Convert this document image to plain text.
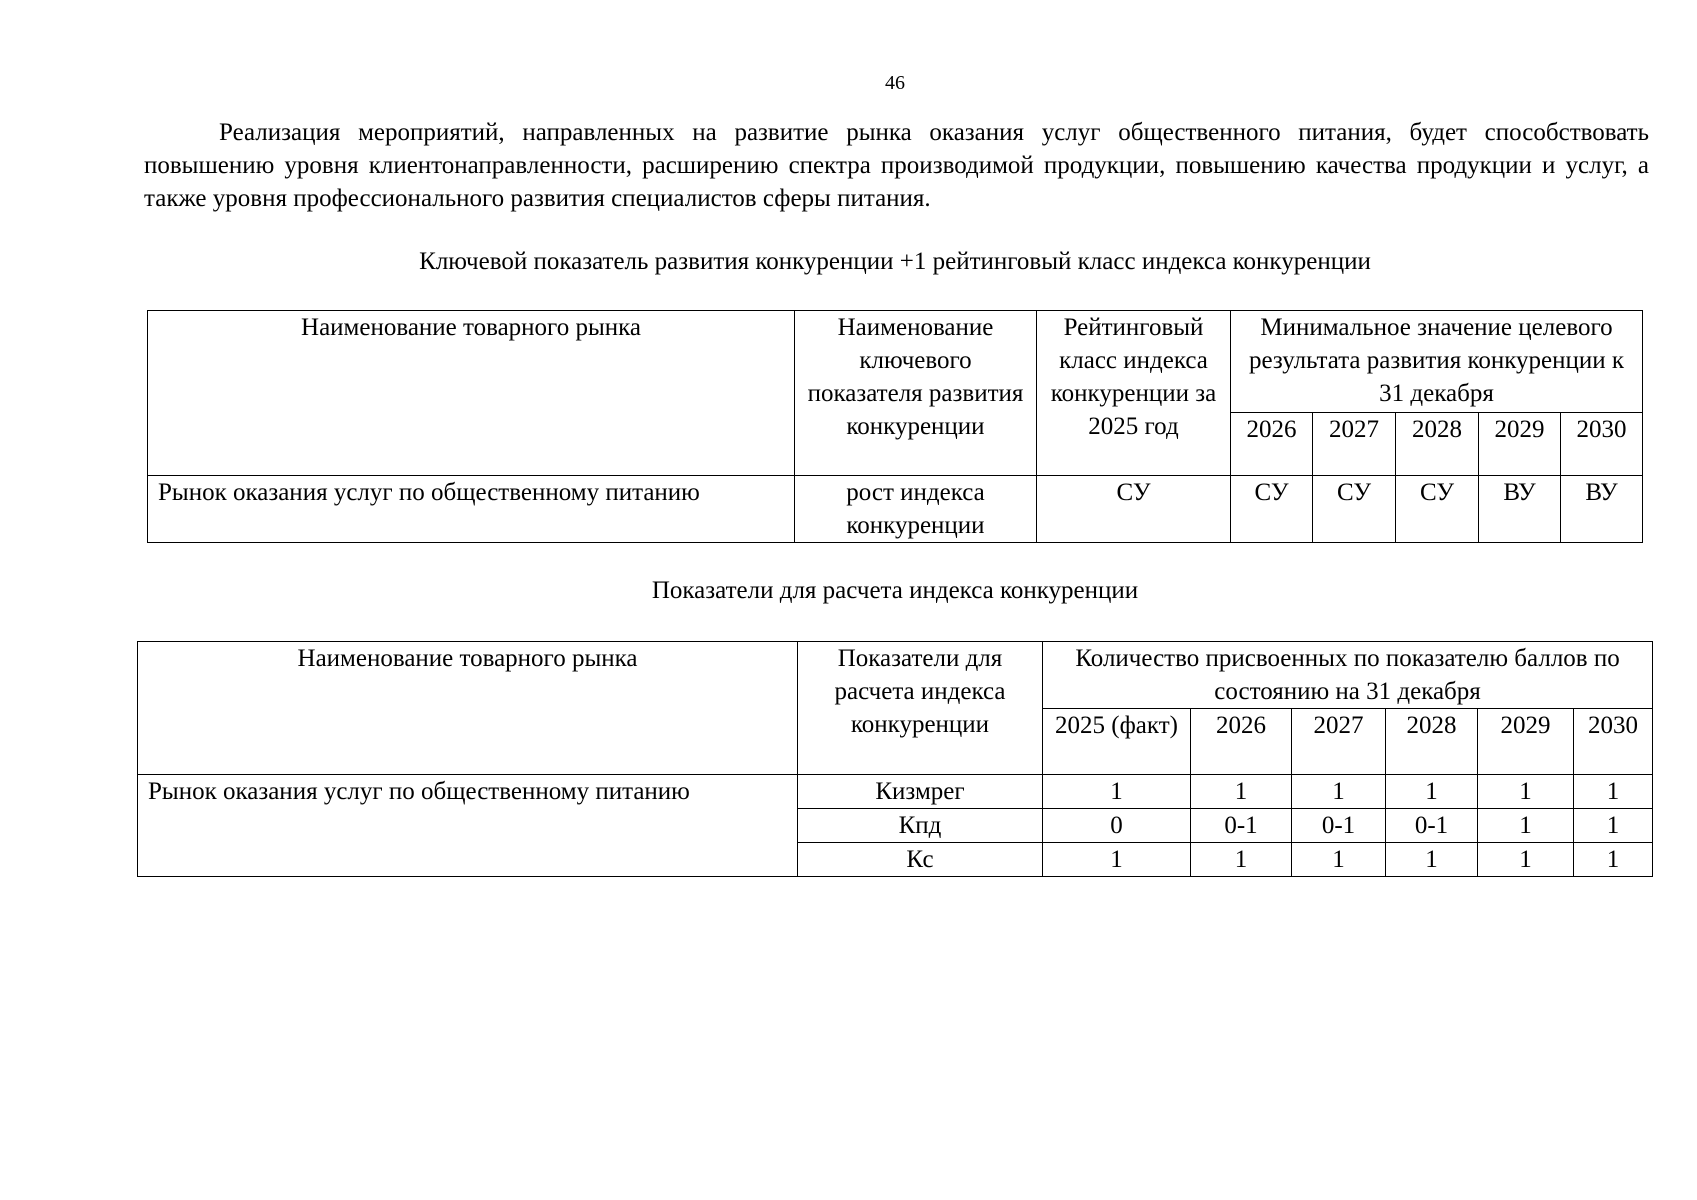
46

Реализация мероприятий, направленных на развитие рынка оказания услуг общественного питания, будет способствовать повышению уровня клиентонаправленности, расширению спектра производимой продукции, повышению качества продукции и услуг, а также уровня профессионального развития специалистов сферы питания.

Ключевой показатель развития конкуренции +1 рейтинговый класс индекса конкуренции
Наименование товарного рынка	Наименование ключевого показателя развития конкуренции	Рейтинговый класс индекса конкуренции за 2025 год	Минимальное значение целевого результата развития конкуренции к 31 декабря				
			2026	2027	2028	2029	2030
Рынок оказания услуг по общественному питанию	рост индекса конкуренции	СУ	СУ	СУ	СУ	ВУ	ВУ
Показатели для расчета индекса конкуренции
Наименование товарного рынка	Показатели для расчета индекса конкуренции	Количество присвоенных по показателю баллов по состоянию на 31 декабря					
		2025 (факт)	2026	2027	2028	2029	2030
Рынок оказания услуг по общественному питанию	Кизмрег	1	1	1	1	1	1
	Кпд	0	0-1	0-1	0-1	1	1
	Кс	1	1	1	1	1	1
